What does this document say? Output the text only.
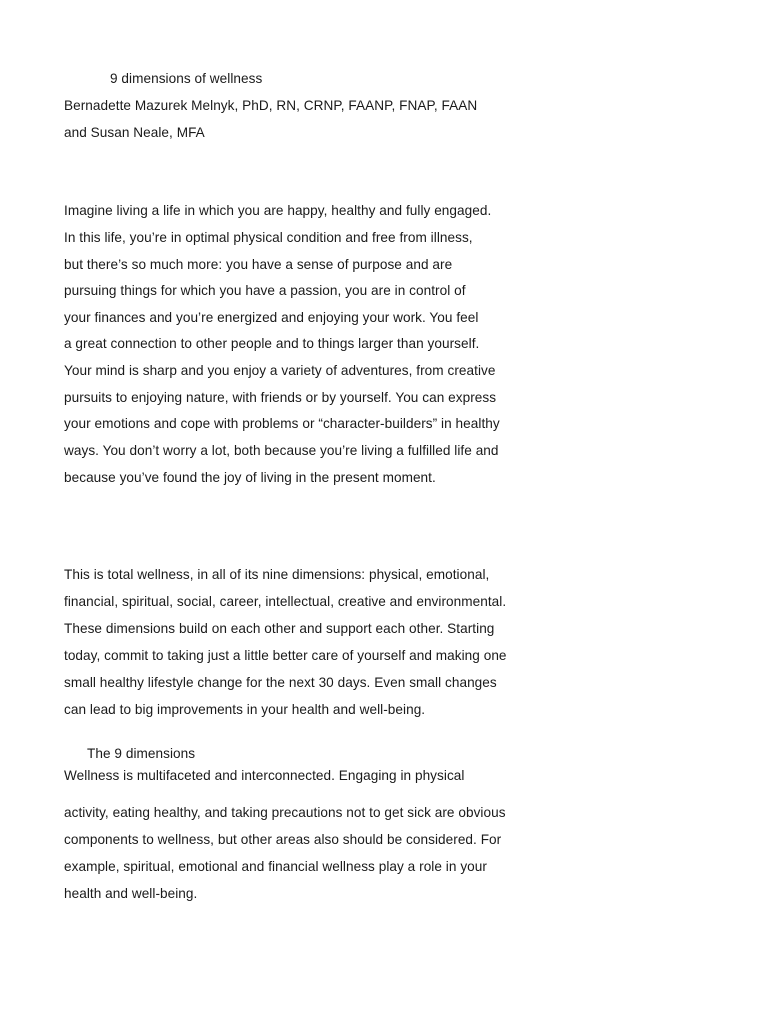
9 dimensions of wellness
Bernadette Mazurek Melnyk, PhD, RN, CRNP, FAANP, FNAP, FAAN
and Susan Neale, MFA
Imagine living a life in which you are happy, healthy and fully engaged.
In this life, you’re in optimal physical condition and free from illness,
but there’s so much more: you have a sense of purpose and are
pursuing things for which you have a passion, you are in control of
your finances and you’re energized and enjoying your work. You feel
a great connection to other people and to things larger than yourself.
Your mind is sharp and you enjoy a variety of adventures, from creative
pursuits to enjoying nature, with friends or by yourself. You can express
your emotions and cope with problems or “character-builders” in healthy
ways. You don’t worry a lot, both because you’re living a fulfilled life and
because you’ve found the joy of living in the present moment.
This is total wellness, in all of its nine dimensions: physical, emotional,
financial, spiritual, social, career, intellectual, creative and environmental.
These dimensions build on each other and support each other. Starting
today, commit to taking just a little better care of yourself and making one
small healthy lifestyle change for the next 30 days. Even small changes
can lead to big improvements in your health and well-being.
The 9 dimensions
Wellness is multifaceted and interconnected. Engaging in physical
activity, eating healthy, and taking precautions not to get sick are obvious
components to wellness, but other areas also should be considered. For
example, spiritual, emotional and financial wellness play a role in your
health and well-being.
